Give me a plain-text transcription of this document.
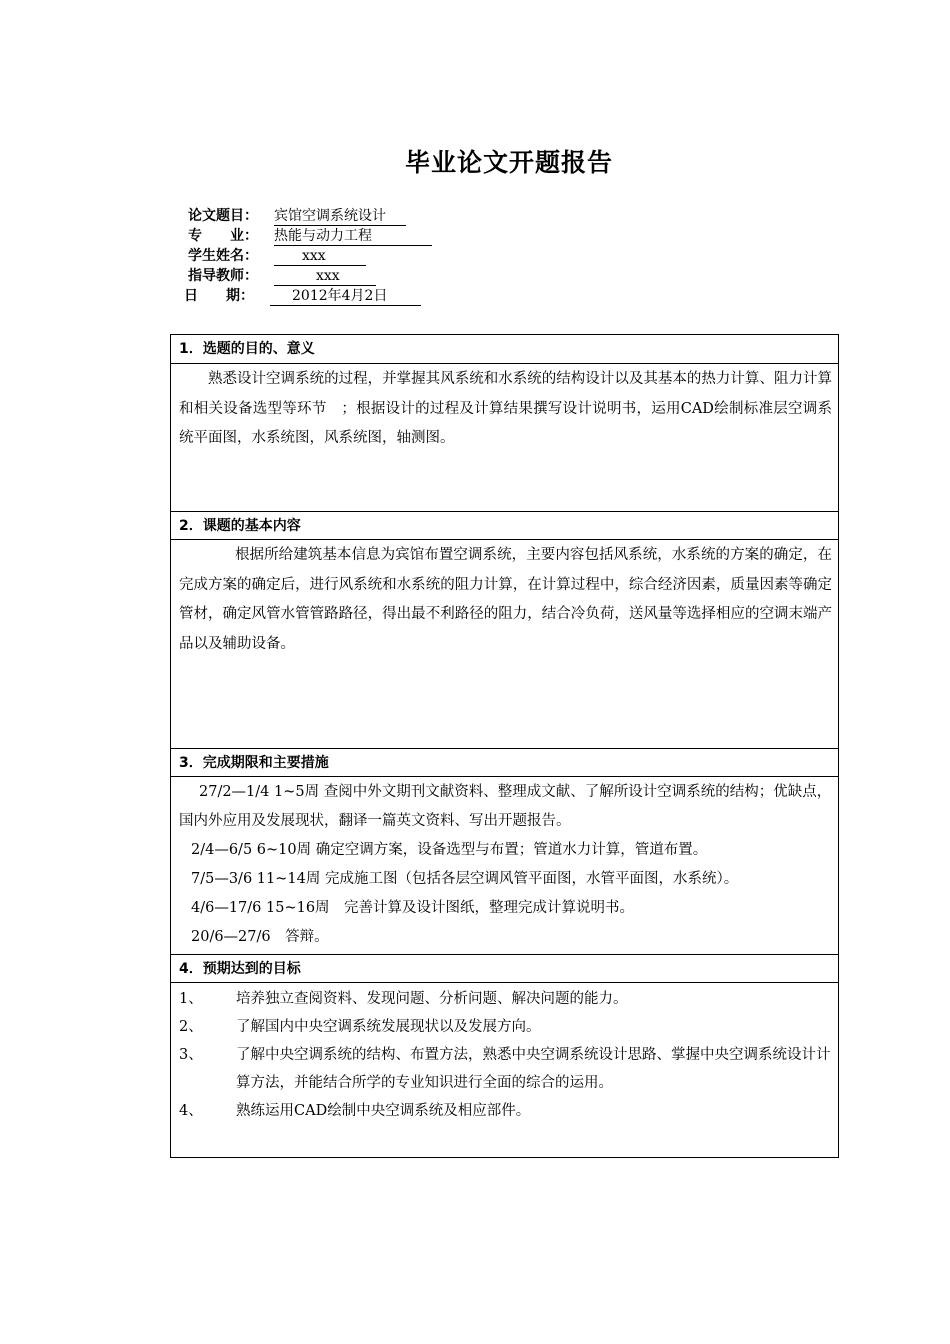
毕业论文开题报告
论文题目： 宾馆空调系统设计
专　　业： 热能与动力工程
学生姓名：	xxx
指导教师：	xxx
日　　期：	2012年4月2日
1．选题的目的、意义
熟悉设计空调系统的过程，并掌握其风系统和水系统的结构设计以及其基本的热力计算、阻力计算和相关设备选型等环节　；根据设计的过程及计算结果撰写设计说明书，运用CAD绘制标准层空调系统平面图，水系统图，风系统图，轴测图。
2．课题的基本内容
根据所给建筑基本信息为宾馆布置空调系统，主要内容包括风系统，水系统的方案的确定，在完成方案的确定后，进行风系统和水系统的阻力计算，在计算过程中，综合经济因素，质量因素等确定管材，确定风管水管管路路径，得出最不利路径的阻力，结合冷负荷，送风量等选择相应的空调末端产品以及辅助设备。
3．完成期限和主要措施
27/2—1/4 1~5周 查阅中外文期刊文献资料、整理成文献、了解所设计空调系统的结构；优缺点，国内外应用及发展现状，翻译一篇英文资料、写出开题报告。
2/4—6/5 6~10周 确定空调方案，设备选型与布置；管道水力计算，管道布置。
7/5—3/6 11~14周 完成施工图（包括各层空调风管平面图，水管平面图，水系统）。
4/6—17/6 15~16周　完善计算及设计图纸，整理完成计算说明书。
20/6—27/6　答辩。
4．预期达到的目标
1、	培养独立查阅资料、发现问题、分析问题、解决问题的能力。
2、	了解国内中央空调系统发展现状以及发展方向。
3、	了解中央空调系统的结构、布置方法，熟悉中央空调系统设计思路、掌握中央空调系统设计计算方法，并能结合所学的专业知识进行全面的综合的运用。
4、	熟练运用CAD绘制中央空调系统及相应部件。
